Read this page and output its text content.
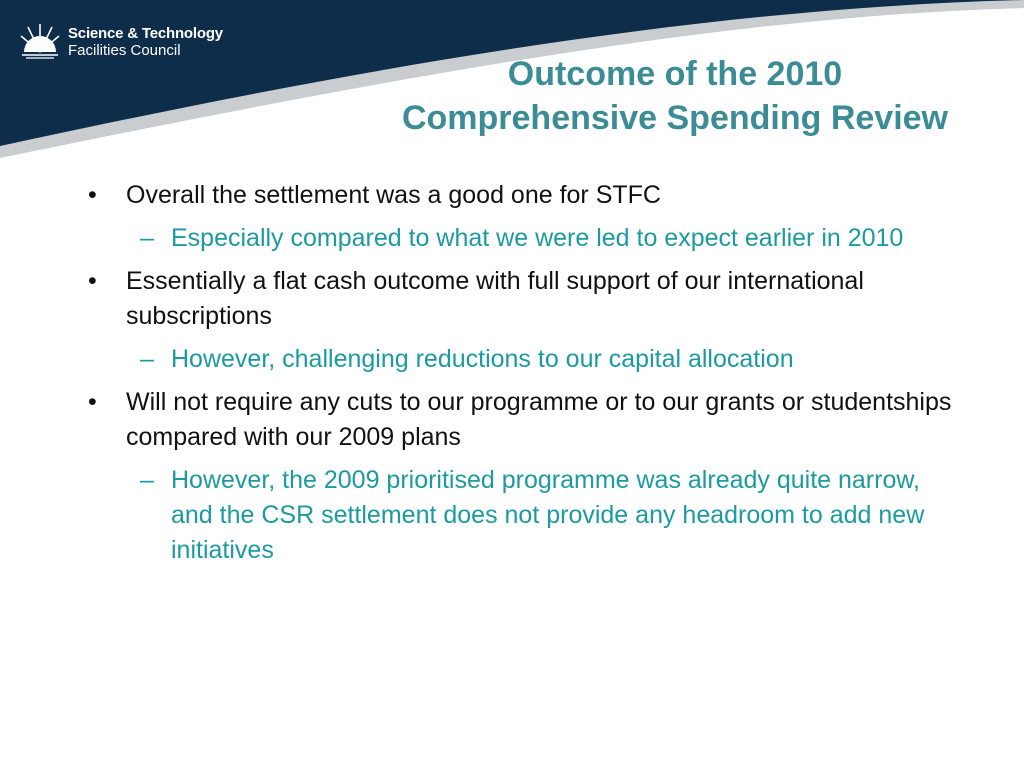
Science & Technology
Facilities Council
Outcome of the 2010
Comprehensive Spending Review
• Overall the settlement was a good one for STFC
– Especially compared to what we were led to expect earlier in 2010
• Essentially a flat cash outcome with full support of our international subscriptions
– However, challenging reductions to our capital allocation
• Will not require any cuts to our programme or to our grants or studentships compared with our 2009 plans
– However, the 2009 prioritised programme was already quite narrow, and the CSR settlement does not provide any headroom to add new initiatives
